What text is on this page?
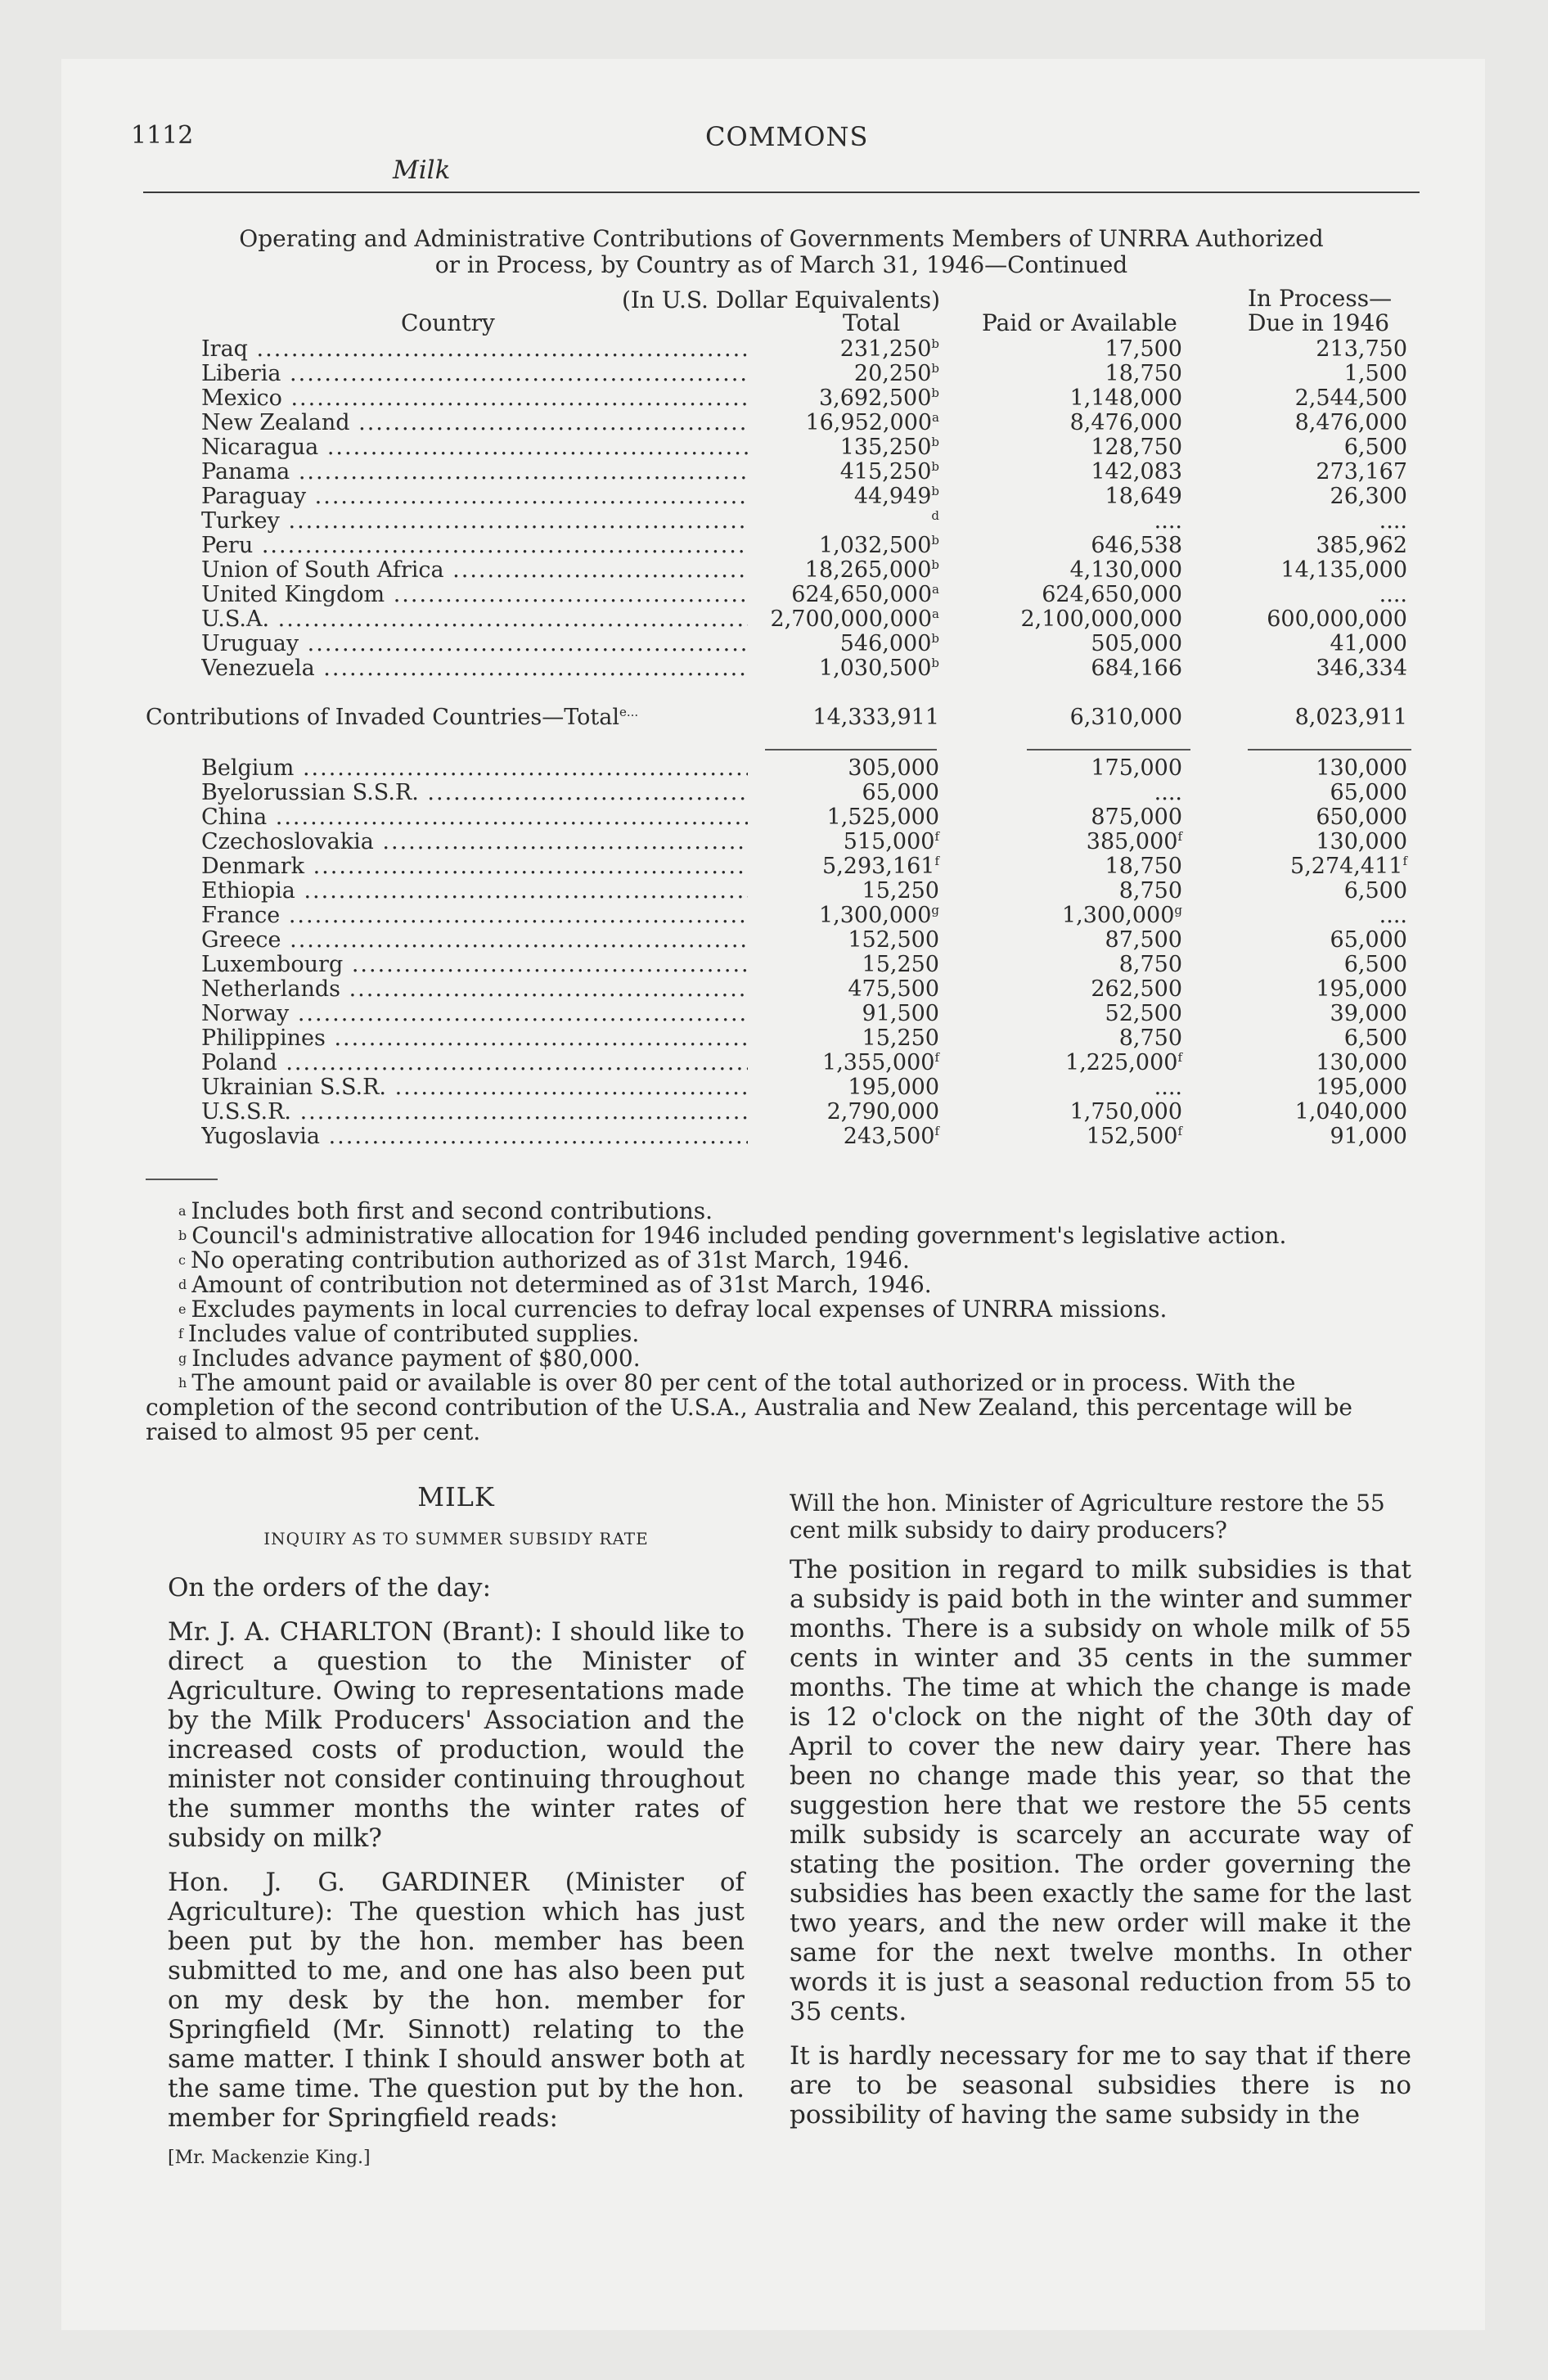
1112	COMMONS
Milk
Operating and Administrative Contributions of Governments Members of UNRRA Authorized
or in Process, by Country as of March 31, 1946—Continued
(In U.S. Dollar Equivalents)
Country	Total	Paid or Available
In Process—
Due in 1946
Iraq .....	231,250$^b$	17,500	213,750
Liberia .....	20,250$^b$	18,750	1,500
Mexico .....	3,692,500$^b$	1,148,000	2,544,500
New Zealand .....	16,952,000$^a$	8,476,000	8,476,000
Nicaragua .....	135,250$^b$	128,750	6,500
Panama .....	415,250$^b$	142,083	273,167
Paraguay .....	44,949$^b$	18,649	26,300
Turkey .....	$^d$	....	....
Peru .....	1,032,500$^b$	646,538	385,962
Union of South Africa .....	18,265,000$^b$	4,130,000	14,135,000
United Kingdom .....	624,650,000$^a$	624,650,000	....
U.S.A. .....	2,700,000,000$^a$	2,100,000,000	600,000,000
Uruguay .....	546,000$^b$	505,000	41,000
Venezuela .....	1,030,500$^b$	684,166	346,334
Contributions of Invaded Countries—Total$^{e...}$	14,333,911	6,310,000	8,023,911
Belgium .....	305,000	175,000	130,000
Byelorussian S.S.R. .....	65,000	....	65,000
China .....	1,525,000	875,000	650,000
Czechoslovakia .....	515,000$^f$	385,000$^f$	130,000
Denmark .....	5,293,161$^f$	18,750	5,274,411$^f$
Ethiopia .....	15,250	8,750	6,500
France .....	1,300,000$^g$	1,300,000$^g$	....
Greece .....	152,500	87,500	65,000
Luxembourg .....	15,250	8,750	6,500
Netherlands .....	475,500	262,500	195,000
Norway .....	91,500	52,500	39,000
Philippines .....	15,250	8,750	6,500
Poland .....	1,355,000$^f$	1,225,000$^f$	130,000
Ukrainian S.S.R. .....	195,000	....	195,000
U.S.S.R. .....	2,790,000	1,750,000	1,040,000
Yugoslavia .....	243,500$^f$	152,500$^f$	91,000
$^a$ Includes both first and second contributions.
$^b$ Council's administrative allocation for 1946 included pending government's legislative action.
$^c$ No operating contribution authorized as of 31st March, 1946.
$^d$ Amount of contribution not determined as of 31st March, 1946.
$^e$ Excludes payments in local currencies to defray local expenses of UNRRA missions.
$^f$ Includes value of contributed supplies.
$^g$ Includes advance payment of $80,000.
$^h$ The amount paid or available is over 80 per cent of the total authorized or in process. With the completion of the second contribution of the U.S.A., Australia and New Zealand, this percentage will be raised to almost 95 per cent.
MILK
INQUIRY AS TO SUMMER SUBSIDY RATE

On the orders of the day:

Mr. J. A. CHARLTON (Brant): I should like to direct a question to the Minister of Agriculture. Owing to representations made by the Milk Producers' Association and the increased costs of production, would the minister not consider continuing throughout the summer months the winter rates of subsidy on milk?

Hon. J. G. GARDINER (Minister of Agriculture): The question which has just been put by the hon. member has been submitted to me, and one has also been put on my desk by the hon. member for Springfield (Mr. Sinnott) relating to the same matter. I think I should answer both at the same time. The question put by the hon. member for Springfield reads:

[Mr. Mackenzie King.]

Will the hon. Minister of Agriculture restore the 55 cent milk subsidy to dairy producers?

The position in regard to milk subsidies is that a subsidy is paid both in the winter and summer months. There is a subsidy on whole milk of 55 cents in winter and 35 cents in the summer months. The time at which the change is made is 12 o'clock on the night of the 30th day of April to cover the new dairy year. There has been no change made this year, so that the suggestion here that we restore the 55 cents milk subsidy is scarcely an accurate way of stating the position. The order governing the subsidies has been exactly the same for the last two years, and the new order will make it the same for the next twelve months. In other words it is just a seasonal reduction from 55 to 35 cents.

It is hardly necessary for me to say that if there are to be seasonal subsidies there is no possibility of having the same subsidy in the
